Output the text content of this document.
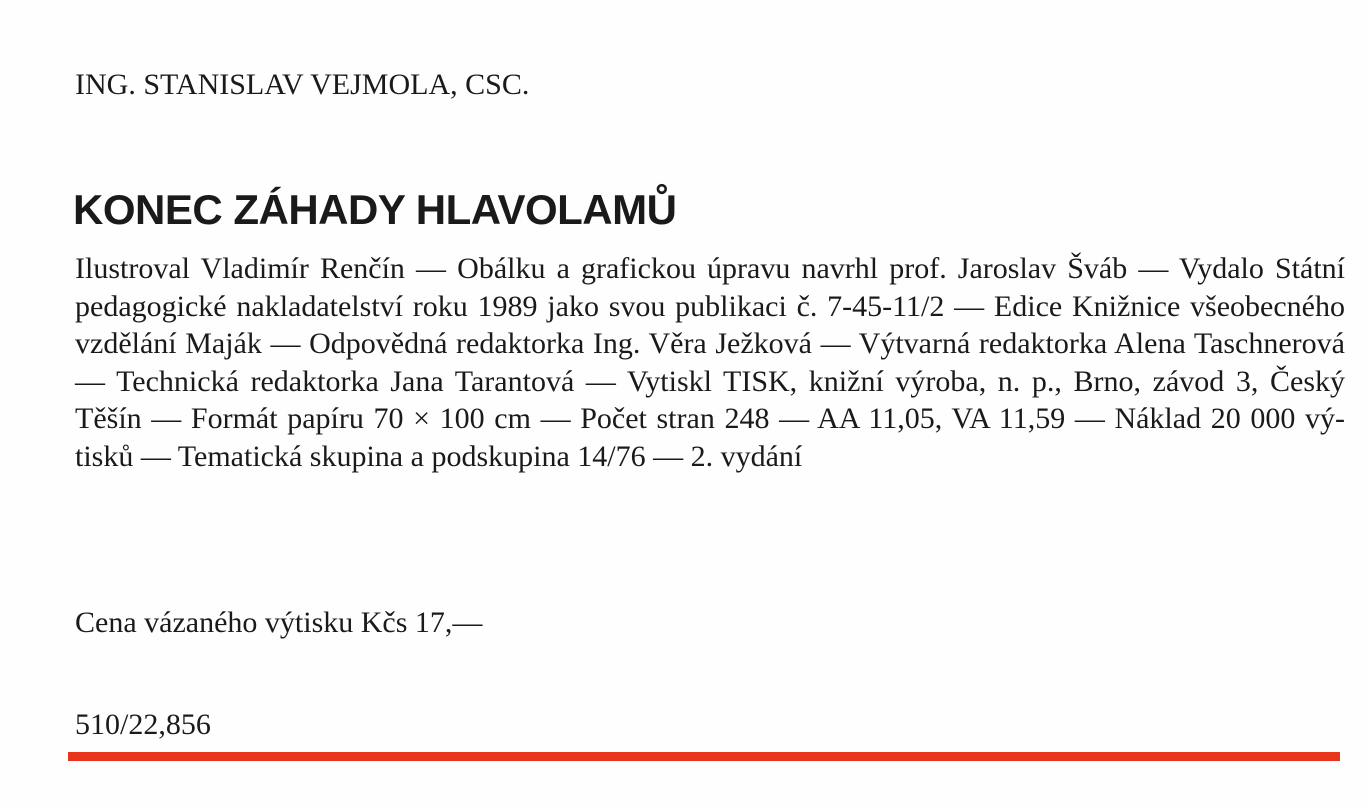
ING. STANISLAV VEJMOLA, CSC.
KONEC ZÁHADY HLAVOLAMŮ

Ilustroval Vladimír Renčín — Obálku a grafickou úpravu navrhl prof. Jaroslav Šváb — Vydalo Státní pedagogické nakladatelství roku 1989 jako svou publikaci č. 7-45-11/2 — Edice Knižnice všeobecného vzdělání Maják — Odpovědná redaktorka Ing. Věra Ježková — Výtvarná redaktorka Alena Taschnerová — Technická redaktorka Jana Tarantová — Vytiskl TISK, knižní výroba, n. p., Brno, závod 3, Český Těšín — Formát papíru 70 × 100 cm — Počet stran 248 — AA 11,05, VA 11,59 — Náklad 20 000 výtisků — Tematická skupina a podskupina 14/76 — 2. vydání

Cena vázaného výtisku Kčs 17,—
510/22,856
